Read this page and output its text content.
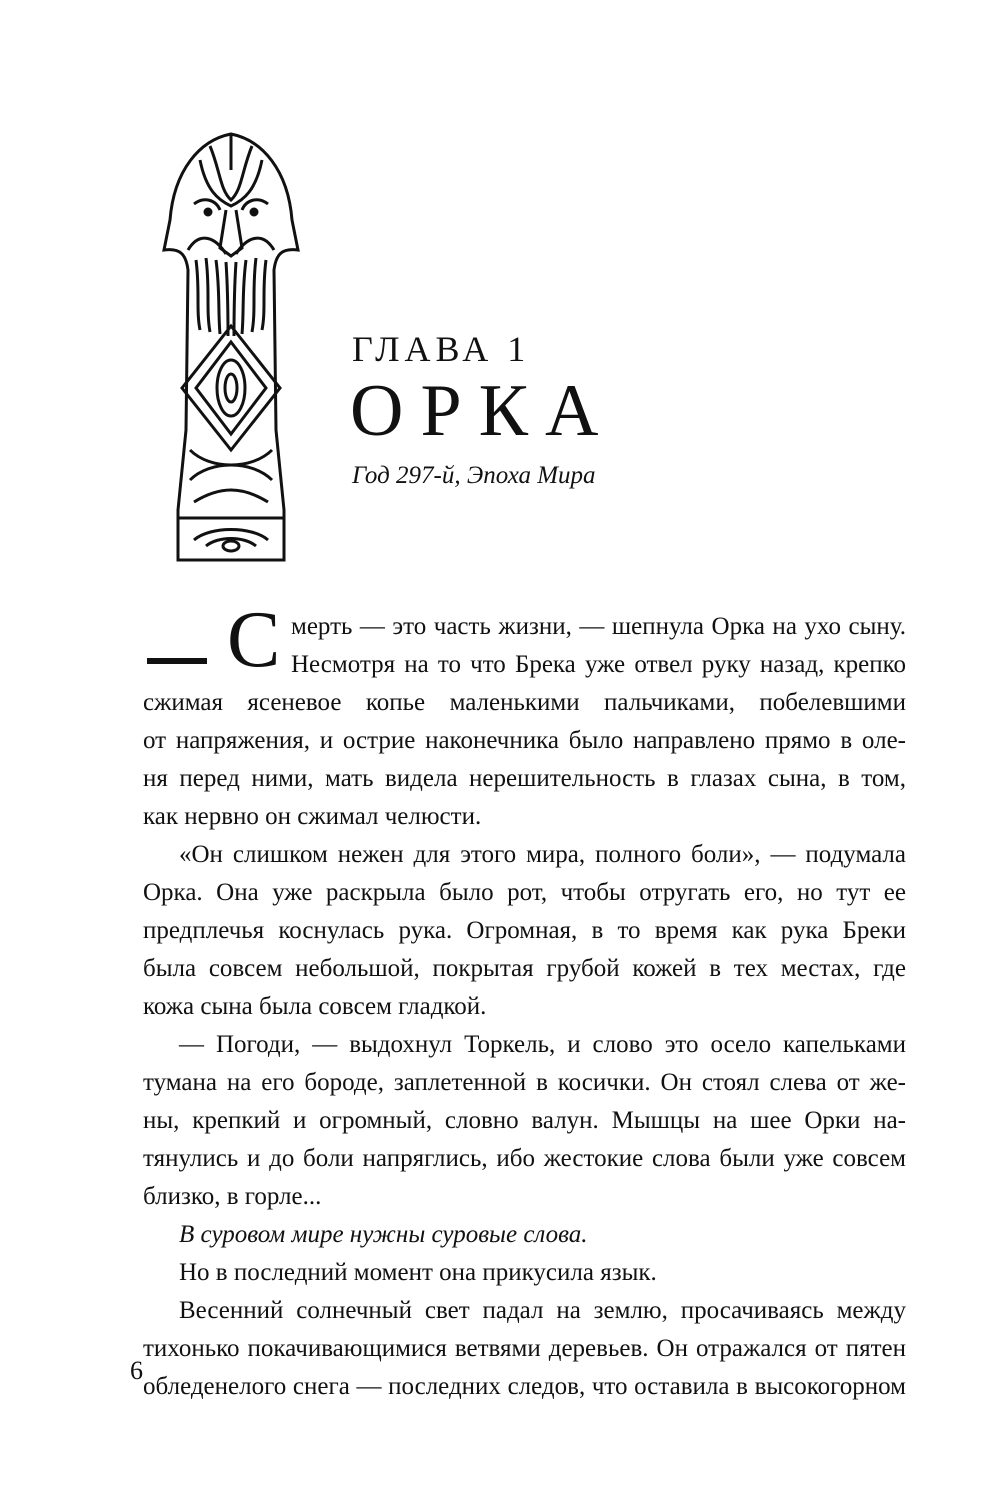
ГЛАВА 1
ОРКА

Год 297-й, Эпоха Мира

С мерть — это часть жизни, — шепнула Орка на ухо сыну.
Несмотря на то что Брека уже отвел руку назад, крепко
сжимая ясеневое копье маленькими пальчиками, побелевшими
от напряжения, и острие наконечника было направлено прямо в оле-
ня перед ними, мать видела нерешительность в глазах сына, в том,
как нервно он сжимал челюсти.
«Он слишком нежен для этого мира, полного боли», — подумала
Орка. Она уже раскрыла было рот, чтобы отругать его, но тут ее
предплечья коснулась рука. Огромная, в то время как рука Бреки
была совсем небольшой, покрытая грубой кожей в тех местах, где
кожа сына была совсем гладкой.
— Погоди, — выдохнул Торкель, и слово это осело капельками
тумана на его бороде, заплетенной в косички. Он стоял слева от же-
ны, крепкий и огромный, словно валун. Мышцы на шее Орки на-
тянулись и до боли напряглись, ибо жестокие слова были уже совсем
близко, в горле...
В суровом мире нужны суровые слова.
Но в последний момент она прикусила язык.
Весенний солнечный свет падал на землю, просачиваясь между
тихонько покачивающимися ветвями деревьев. Он отражался от пятен
обледенелого снега — последних следов, что оставила в высокогорном

6
